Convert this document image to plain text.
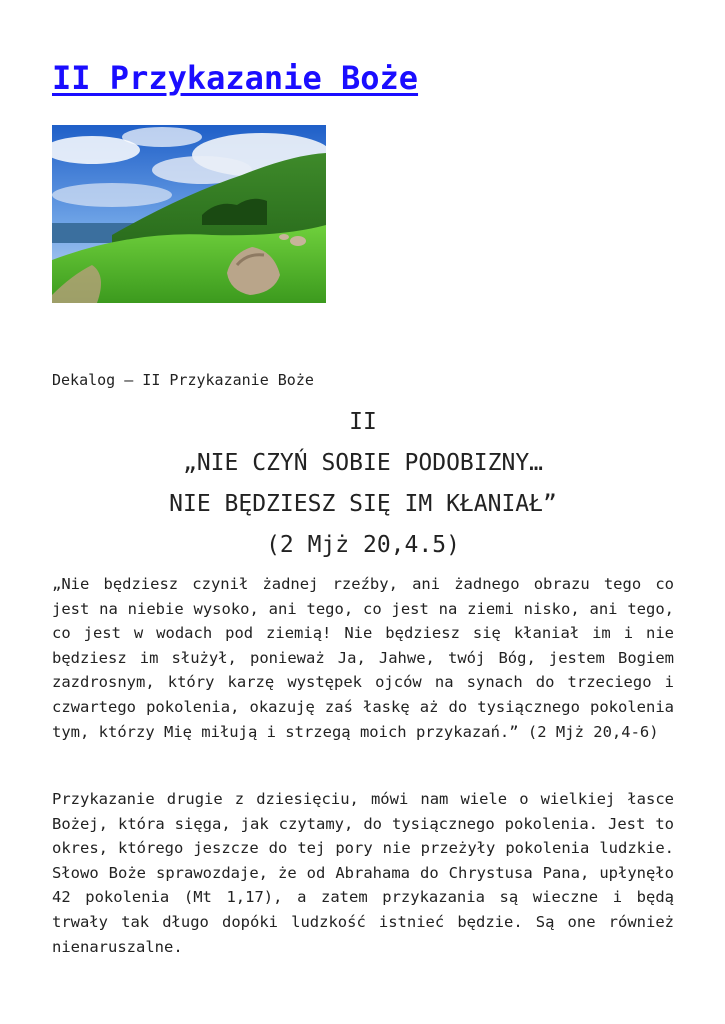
II Przykazanie Boże

Dekalog – II Przykazanie Boże

II
„NIE CZYŃ SOBIE PODOBIZNY…
NIE BĘDZIESZ SIĘ IM KŁANIAŁ”
(2 Mjż 20,4.5)

„Nie będziesz czynił żadnej rzeźby, ani żadnego obrazu tego co jest na niebie wysoko, ani tego, co jest na ziemi nisko, ani tego, co jest w wodach pod ziemią! Nie będziesz się kłaniał im i nie będziesz im służył, ponieważ Ja, Jahwe, twój Bóg, jestem Bogiem zazdrosnym, który karzę występek ojców na synach do trzeciego i czwartego pokolenia, okazuję zaś łaskę aż do tysiącznego pokolenia tym, którzy Mię miłują i strzegą moich przykazań.” (2 Mjż 20,4-6)

Przykazanie drugie z dziesięciu, mówi nam wiele o wielkiej łasce Bożej, która sięga, jak czytamy, do tysiącznego pokolenia. Jest to okres, którego jeszcze do tej pory nie przeżyły pokolenia ludzkie. Słowo Boże sprawozdaje, że od Abrahama do Chrystusa Pana, upłynęło 42 pokolenia (Mt 1,17), a zatem przykazania są wieczne i będą trwały tak długo dopóki ludzkość istnieć będzie. Są one również nienaruszalne.
